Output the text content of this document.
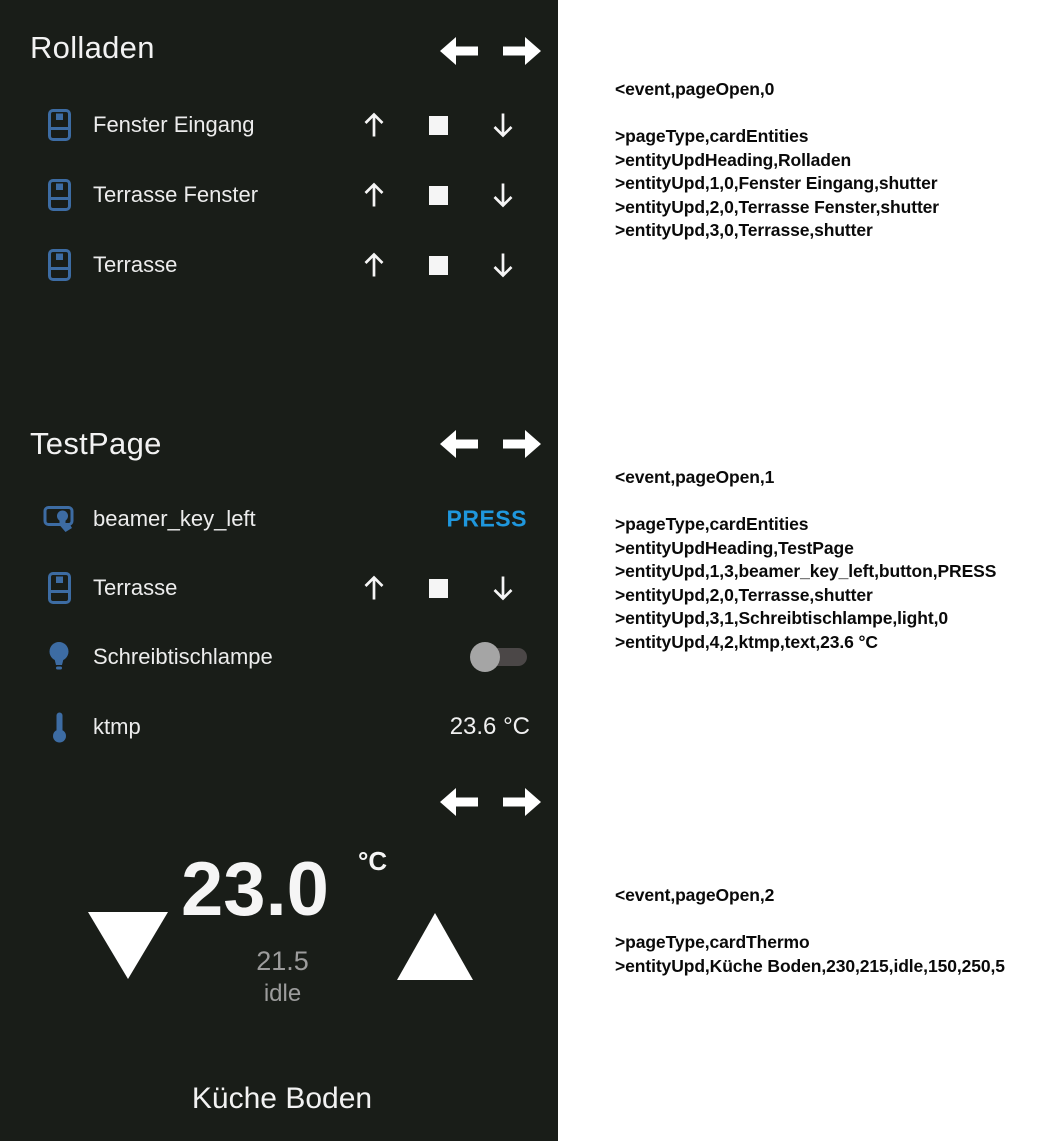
Rolladen
Fenster Eingang
Terrasse Fenster
Terrasse
TestPage
beamer_key_left	PRESS
Terrasse
Schreibtischlampe
ktmp	23.6 °C
23.0	°C
21.5
idle
Küche Boden
<event,pageOpen,0
>pageType,cardEntities
>entityUpdHeading,Rolladen
>entityUpd,1,0,Fenster Eingang,shutter
>entityUpd,2,0,Terrasse Fenster,shutter
>entityUpd,3,0,Terrasse,shutter
<event,pageOpen,1
>pageType,cardEntities
>entityUpdHeading,TestPage
>entityUpd,1,3,beamer_key_left,button,PRESS
>entityUpd,2,0,Terrasse,shutter
>entityUpd,3,1,Schreibtischlampe,light,0
>entityUpd,4,2,ktmp,text,23.6 °C
<event,pageOpen,2
>pageType,cardThermo
>entityUpd,Küche Boden,230,215,idle,150,250,5
